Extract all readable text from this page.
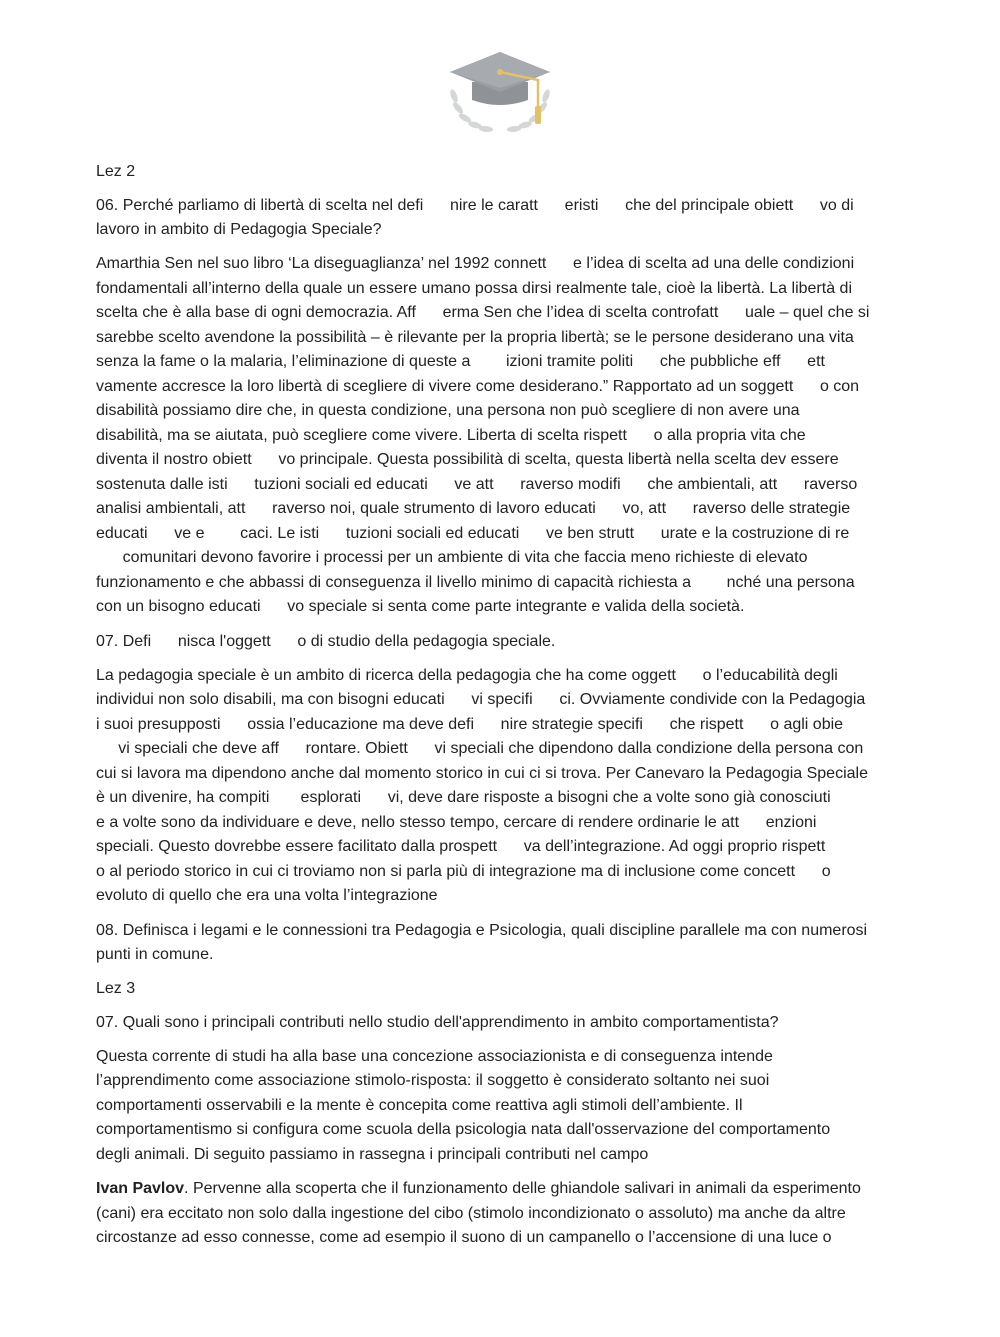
Lez 2

06. Perché parliamo di libertà di scelta nel defi      nire le caratt      eristi      che del principale obiett      vo di
lavoro in ambito di Pedagogia Speciale?

Amarthia Sen nel suo libro ‘La diseguaglianza’ nel 1992 connett      e l’idea di scelta ad una delle condizioni
fondamentali all’interno della quale un essere umano possa dirsi realmente tale, cioè la libertà. La libertà di
scelta che è alla base di ogni democrazia. Aff      erma Sen che l’idea di scelta controfatt      uale – quel che si
sarebbe scelto avendone la possibilità – è rilevante per la propria libertà; se le persone desiderano una vita
senza la fame o la malaria, l’eliminazione di queste a        izioni tramite politi      che pubbliche eff      ett
vamente accresce la loro libertà di scegliere di vivere come desiderano.” Rapportato ad un soggett      o con
disabilità possiamo dire che, in questa condizione, una persona non può scegliere di non avere una
disabilità, ma se aiutata, può scegliere come vivere. Liberta di scelta rispett      o alla propria vita che
diventa il nostro obiett      vo principale. Questa possibilità di scelta, questa libertà nella scelta dev essere
sostenuta dalle isti      tuzioni sociali ed educati      ve att      raverso modifi      che ambientali, att      raverso
analisi ambientali, att      raverso noi, quale strumento di lavoro educati      vo, att      raverso delle strategie
educati      ve e        caci. Le isti      tuzioni sociali ed educati      ve ben strutt      urate e la costruzione di re
comunitari devono favorire i processi per un ambiente di vita che faccia meno richieste di elevato
funzionamento e che abbassi di conseguenza il livello minimo di capacità richiesta a        nché una persona
con un bisogno educati      vo speciale si senta come parte integrante e valida della società.

07. Defi      nisca l'oggett      o di studio della pedagogia speciale.

La pedagogia speciale è un ambito di ricerca della pedagogia che ha come oggett      o l’educabilità degli
individui non solo disabili, ma con bisogni educati      vi specifi      ci. Ovviamente condivide con la Pedagogia
i suoi presupposti      ossia l’educazione ma deve defi      nire strategie specifi      che rispett      o agli obie
vi speciali che deve aff      rontare. Obiett      vi speciali che dipendono dalla condizione della persona con
cui si lavora ma dipendono anche dal momento storico in cui ci si trova. Per Canevaro la Pedagogia Speciale
è un divenire, ha compiti       esplorati      vi, deve dare risposte a bisogni che a volte sono già conosciuti
e a volte sono da individuare e deve, nello stesso tempo, cercare di rendere ordinarie le att      enzioni
speciali. Questo dovrebbe essere facilitato dalla prospett      va dell’integrazione. Ad oggi proprio rispett
o al periodo storico in cui ci troviamo non si parla più di integrazione ma di inclusione come concett      o
evoluto di quello che era una volta l’integrazione

08. Definisca i legami e le connessioni tra Pedagogia e Psicologia, quali discipline parallele ma con numerosi
punti in comune.

Lez 3

07. Quali sono i principali contributi nello studio dell'apprendimento in ambito comportamentista?

Questa corrente di studi ha alla base una concezione associazionista e di conseguenza intende
l’apprendimento come associazione stimolo-risposta: il soggetto è considerato soltanto nei suoi
comportamenti osservabili e la mente è concepita come reattiva agli stimoli dell’ambiente. Il
comportamentismo si configura come scuola della psicologia nata dall'osservazione del comportamento
degli animali. Di seguito passiamo in rassegna i principali contributi nel campo

Ivan Pavlov. Pervenne alla scoperta che il funzionamento delle ghiandole salivari in animali da esperimento
(cani) era eccitato non solo dalla ingestione del cibo (stimolo incondizionato o assoluto) ma anche da altre
circostanze ad esso connesse, come ad esempio il suono di un campanello o l’accensione di una luce o
